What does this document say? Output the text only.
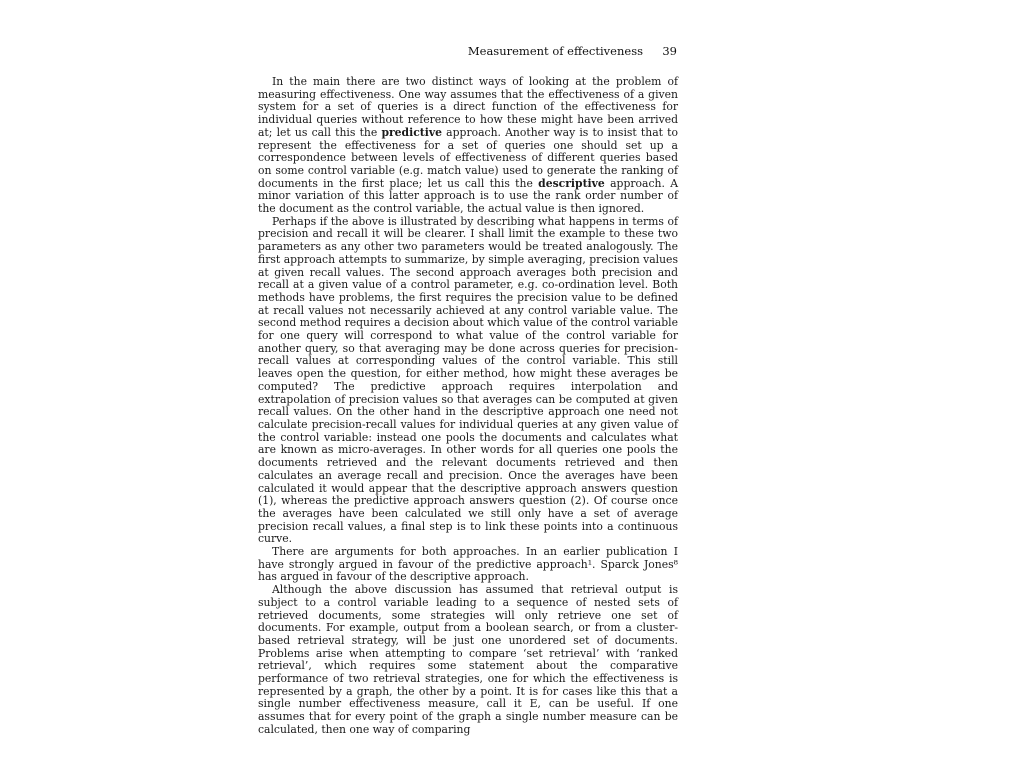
Measurement of effectiveness 39

In the main there are two distinct ways of looking at the problem of measuring effectiveness. One way assumes that the effectiveness of a given system for a set of queries is a direct function of the effectiveness for individual queries without reference to how these might have been arrived at; let us call this the predictive approach. Another way is to insist that to represent the effectiveness for a set of queries one should set up a correspondence between levels of effectiveness of different queries based on some control variable (e.g. match value) used to generate the ranking of documents in the first place; let us call this the descriptive approach. A minor variation of this latter approach is to use the rank order number of the document as the control variable, the actual value is then ignored.

Perhaps if the above is illustrated by describing what happens in terms of precision and recall it will be clearer. I shall limit the example to these two parameters as any other two parameters would be treated analogously. The first approach attempts to summarize, by simple averaging, precision values at given recall values. The second approach averages both precision and recall at a given value of a control parameter, e.g. co-ordination level. Both methods have problems, the first requires the precision value to be defined at recall values not necessarily achieved at any control variable value. The second method requires a decision about which value of the control variable for one query will correspond to what value of the control variable for another query, so that averaging may be done across queries for precision-recall values at corresponding values of the control variable. This still leaves open the question, for either method, how might these averages be computed? The predictive approach requires interpolation and extrapolation of precision values so that averages can be computed at given recall values. On the other hand in the descriptive approach one need not calculate precision-recall values for individual queries at any given value of the control variable: instead one pools the documents and calculates what are known as micro-averages. In other words for all queries one pools the documents retrieved and the relevant documents retrieved and then calculates an average recall and precision. Once the averages have been calculated it would appear that the descriptive approach answers question (1), whereas the predictive approach answers question (2). Of course once the averages have been calculated we still only have a set of average precision recall values, a final step is to link these points into a continuous curve.

There are arguments for both approaches. In an earlier publication I have strongly argued in favour of the predictive approach¹. Sparck Jones⁸ has argued in favour of the descriptive approach.

Although the above discussion has assumed that retrieval output is subject to a control variable leading to a sequence of nested sets of retrieved documents, some strategies will only retrieve one set of documents. For example, output from a boolean search, or from a cluster-based retrieval strategy, will be just one unordered set of documents. Problems arise when attempting to compare ‘set retrieval’ with ‘ranked retrieval’, which requires some statement about the comparative performance of two retrieval strategies, one for which the effectiveness is represented by a graph, the other by a point. It is for cases like this that a single number effectiveness measure, call it E, can be useful. If one assumes that for every point of the graph a single number measure can be calculated, then one way of comparing
